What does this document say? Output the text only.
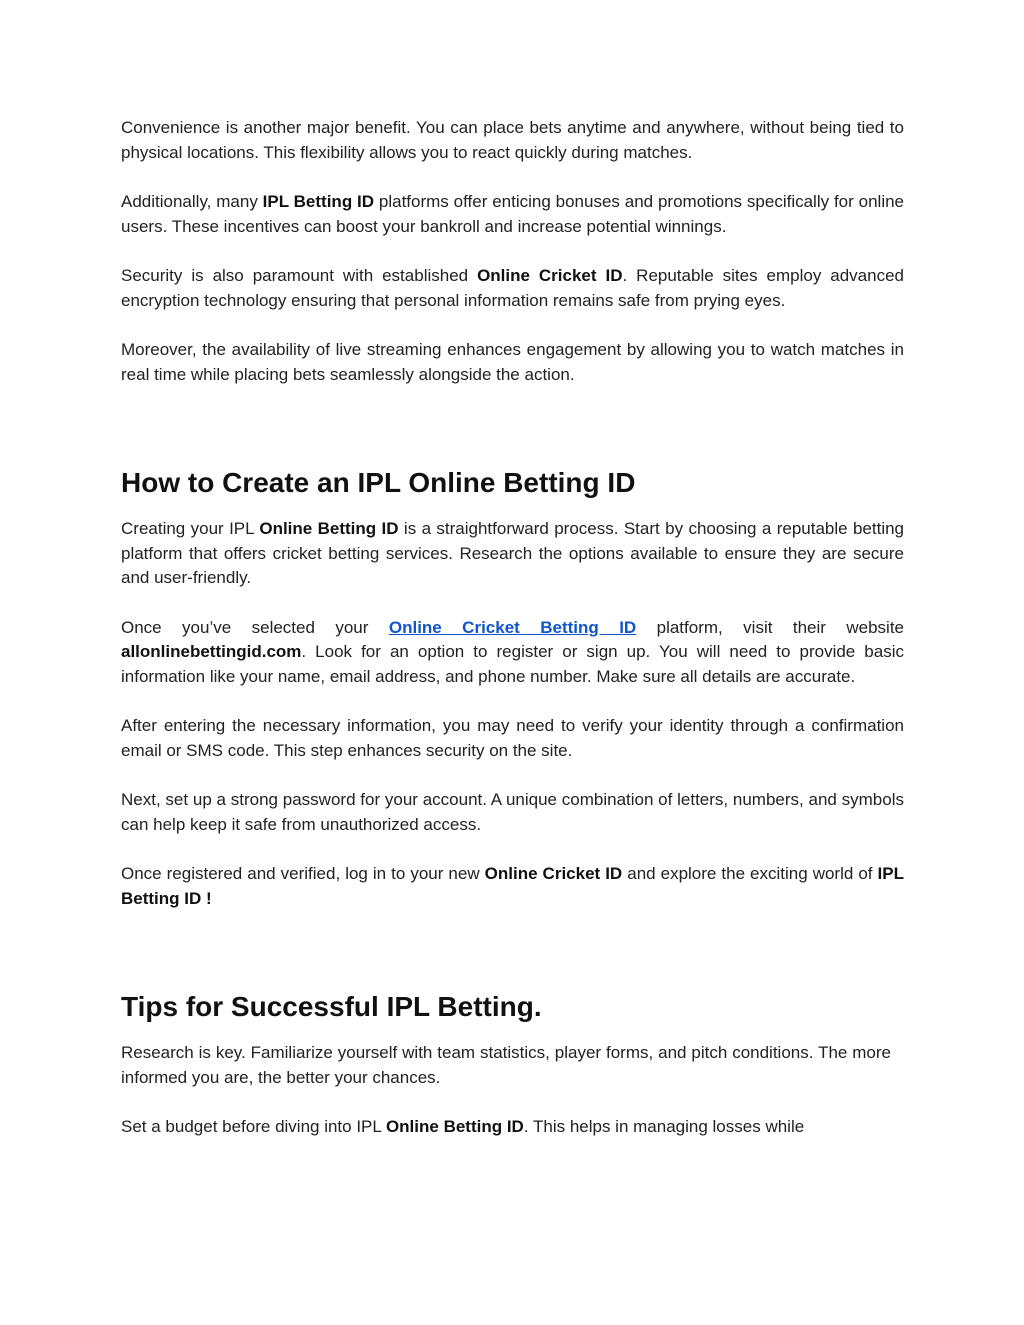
Convenience is another major benefit. You can place bets anytime and anywhere, without being tied to physical locations. This flexibility allows you to react quickly during matches.

Additionally, many IPL Betting ID platforms offer enticing bonuses and promotions specifically for online users. These incentives can boost your bankroll and increase potential winnings.

Security is also paramount with established Online Cricket ID. Reputable sites employ advanced encryption technology ensuring that personal information remains safe from prying eyes.

Moreover, the availability of live streaming enhances engagement by allowing you to watch matches in real time while placing bets seamlessly alongside the action.

How to Create an IPL Online Betting ID

Creating your IPL Online Betting ID is a straightforward process. Start by choosing a reputable betting platform that offers cricket betting services. Research the options available to ensure they are secure and user-friendly.

Once you’ve selected your Online Cricket Betting ID platform, visit their website allonlinebettingid.com. Look for an option to register or sign up. You will need to provide basic information like your name, email address, and phone number. Make sure all details are accurate.

After entering the necessary information, you may need to verify your identity through a confirmation email or SMS code. This step enhances security on the site.

Next, set up a strong password for your account. A unique combination of letters, numbers, and symbols can help keep it safe from unauthorized access.

Once registered and verified, log in to your new Online Cricket ID and explore the exciting world of IPL Betting ID !

Tips for Successful IPL Betting.

Research is key. Familiarize yourself with team statistics, player forms, and pitch conditions. The more informed you are, the better your chances.

Set a budget before diving into IPL Online Betting ID. This helps in managing losses while
